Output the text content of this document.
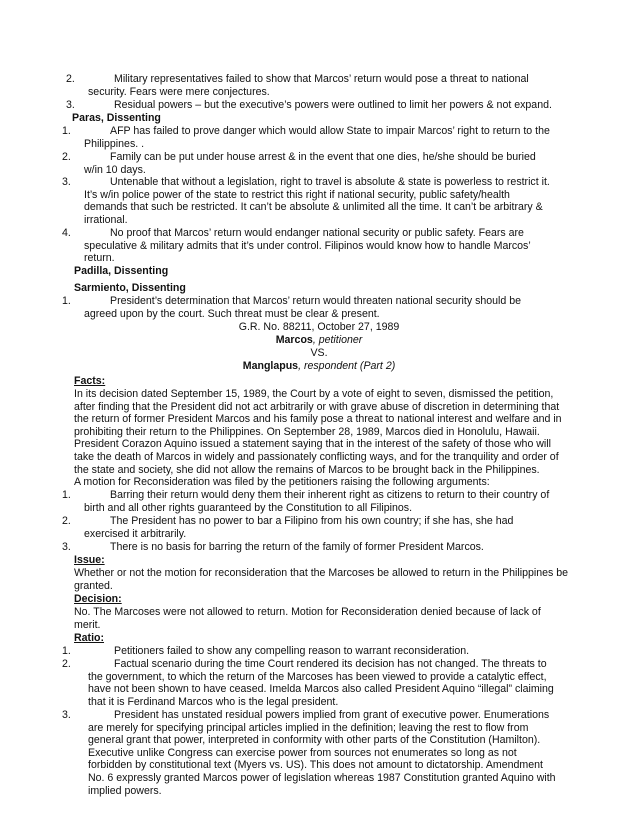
2.	Military representatives failed to show that Marcos’ return would pose a threat to national
security. Fears were mere conjectures.
3.	Residual powers – but the executive’s powers were outlined to limit her powers & not expand.
Paras, Dissenting
1.	AFP has failed to prove danger which would allow State to impair Marcos’ right to return to the
Philippines. .
2.	Family can be put under house arrest & in the event that one dies, he/she should be buried
w/in 10 days.
3.	Untenable that without a legislation, right to travel is absolute & state is powerless to restrict it.
It’s w/in police power of the state to restrict this right if national security, public safety/health
demands that such be restricted. It can’t be absolute & unlimited all the time. It can’t be arbitrary &
irrational.
4.	No proof that Marcos’ return would endanger national security or public safety. Fears are
speculative & military admits that it’s under control. Filipinos would know how to handle Marcos’
return.
Padilla, Dissenting
Sarmiento, Dissenting
1.	President’s determination that Marcos’ return would threaten national security should be
agreed upon by the court. Such threat must be clear & present.
G.R. No. 88211, October 27, 1989
Marcos, petitioner
VS.
Manglapus, respondent (Part 2)
Facts:
In its decision dated September 15, 1989, the Court by a vote of eight to seven, dismissed the petition,
after finding that the President did not act arbitrarily or with grave abuse of discretion in determining that
the return of former President Marcos and his family pose a threat to national interest and welfare and in
prohibiting their return to the Philippines. On September 28, 1989, Marcos died in Honolulu, Hawaii.
President Corazon Aquino issued a statement saying that in the interest of the safety of those who will
take the death of Marcos in widely and passionately conflicting ways, and for the tranquility and order of
the state and society, she did not allow the remains of Marcos to be brought back in the Philippines.
A motion for Reconsideration was filed by the petitioners raising the following arguments:
1.	Barring their return would deny them their inherent right as citizens to return to their country of
birth and all other rights guaranteed by the Constitution to all Filipinos.
2.	The President has no power to bar a Filipino from his own country; if she has, she had
exercised it arbitrarily.
3.	There is no basis for barring the return of the family of former President Marcos.
Issue:
Whether or not the motion for reconsideration that the Marcoses be allowed to return in the Philippines be
granted.
Decision:
No. The Marcoses were not allowed to return. Motion for Reconsideration denied because of lack of
merit.
Ratio:
1.	Petitioners failed to show any compelling reason to warrant reconsideration.
2.	Factual scenario during the time Court rendered its decision has not changed. The threats to
the government, to which the return of the Marcoses has been viewed to provide a catalytic effect,
have not been shown to have ceased. Imelda Marcos also called President Aquino “illegal” claiming
that it is Ferdinand Marcos who is the legal president.
3.	President has unstated residual powers implied from grant of executive power. Enumerations
are merely for specifying principal articles implied in the definition; leaving the rest to flow from
general grant that power, interpreted in conformity with other parts of the Constitution (Hamilton).
Executive unlike Congress can exercise power from sources not enumerates so long as not
forbidden by constitutional text (Myers vs. US). This does not amount to dictatorship. Amendment
No. 6 expressly granted Marcos power of legislation whereas 1987 Constitution granted Aquino with
implied powers.
